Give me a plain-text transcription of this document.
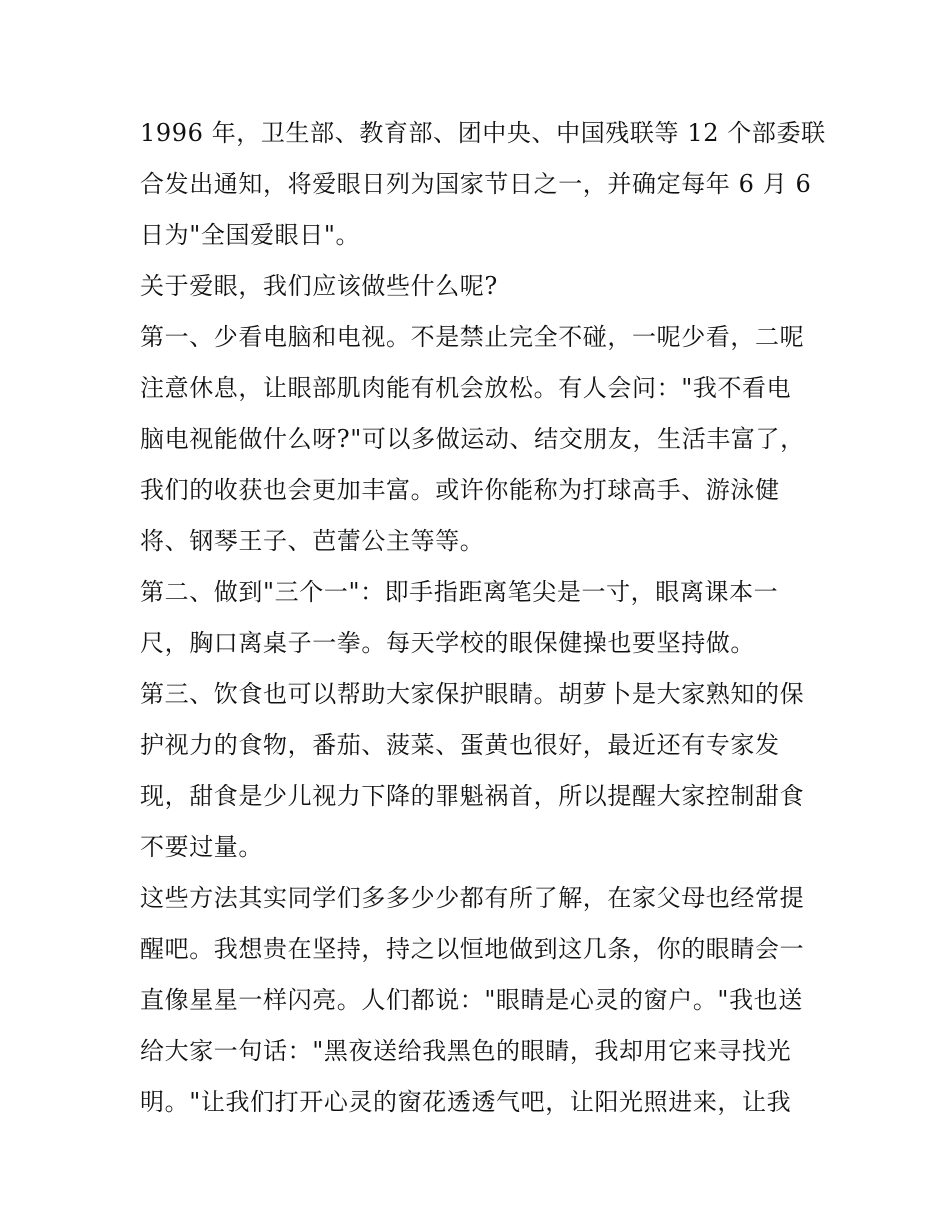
1996 年，卫生部、教育部、团中央、中国残联等 12 个部委联
合发出通知，将爱眼日列为国家节日之一，并确定每年 6 月 6
日为"全国爱眼日"。
关于爱眼，我们应该做些什么呢?
第一、少看电脑和电视。不是禁止完全不碰，一呢少看，二呢
注意休息，让眼部肌肉能有机会放松。有人会问："我不看电
脑电视能做什么呀?"可以多做运动、结交朋友，生活丰富了，
我们的收获也会更加丰富。或许你能称为打球高手、游泳健
将、钢琴王子、芭蕾公主等等。
第二、做到"三个一"：即手指距离笔尖是一寸，眼离课本一
尺，胸口离桌子一拳。每天学校的眼保健操也要坚持做。
第三、饮食也可以帮助大家保护眼睛。胡萝卜是大家熟知的保
护视力的食物，番茄、菠菜、蛋黄也很好，最近还有专家发
现，甜食是少儿视力下降的罪魁祸首，所以提醒大家控制甜食
不要过量。
这些方法其实同学们多多少少都有所了解，在家父母也经常提
醒吧。我想贵在坚持，持之以恒地做到这几条，你的眼睛会一
直像星星一样闪亮。人们都说："眼睛是心灵的窗户。"我也送
给大家一句话："黑夜送给我黑色的眼睛，我却用它来寻找光
明。"让我们打开心灵的窗花透透气吧，让阳光照进来，让我
